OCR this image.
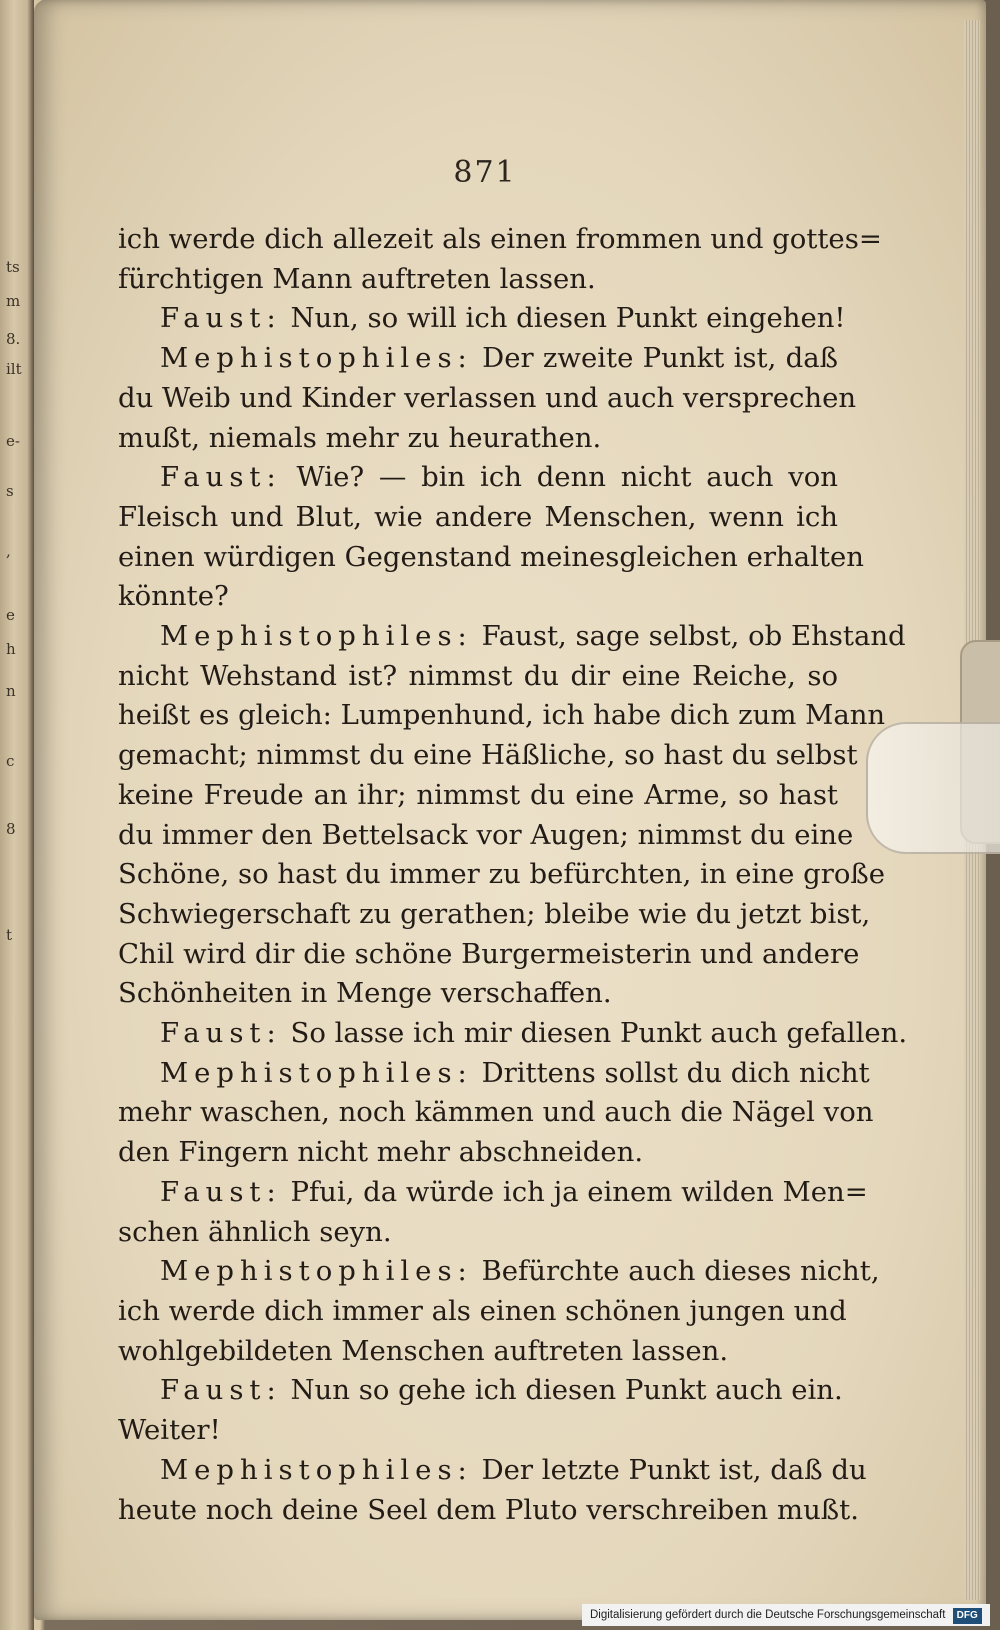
ts
m
8.
ilt
e-
s
,
e
h
n
c
8
t
871
ich werde dich allezeit als einen frommen und gottes=
fürchtigen Mann auftreten lassen.
Faust: Nun, so will ich diesen Punkt eingehen!
Mephistophiles: Der zweite Punkt ist, daß
du Weib und Kinder verlassen und auch versprechen
mußt, niemals mehr zu heurathen.
Faust: Wie? — bin ich denn nicht auch von
Fleisch und Blut, wie andere Menschen, wenn ich
einen würdigen Gegenstand meinesgleichen erhalten
könnte?
Mephistophiles: Faust, sage selbst, ob Ehstand
nicht Wehstand ist? nimmst du dir eine Reiche, so
heißt es gleich: Lumpenhund, ich habe dich zum Mann
gemacht; nimmst du eine Häßliche, so hast du selbst
keine Freude an ihr; nimmst du eine Arme, so hast
du immer den Bettelsack vor Augen; nimmst du eine
Schöne, so hast du immer zu befürchten, in eine große
Schwiegerschaft zu gerathen; bleibe wie du jetzt bist,
Chil wird dir die schöne Burgermeisterin und andere
Schönheiten in Menge verschaffen.
Faust: So lasse ich mir diesen Punkt auch gefallen.
Mephistophiles: Drittens sollst du dich nicht
mehr waschen, noch kämmen und auch die Nägel von
den Fingern nicht mehr abschneiden.
Faust: Pfui, da würde ich ja einem wilden Men=
schen ähnlich seyn.
Mephistophiles: Befürchte auch dieses nicht,
ich werde dich immer als einen schönen jungen und
wohlgebildeten Menschen auftreten lassen.
Faust: Nun so gehe ich diesen Punkt auch ein.
Weiter!
Mephistophiles: Der letzte Punkt ist, daß du
heute noch deine Seel dem Pluto verschreiben mußt.
Digitalisierung gefördert durch die Deutsche Forschungsgemeinschaft DFG
